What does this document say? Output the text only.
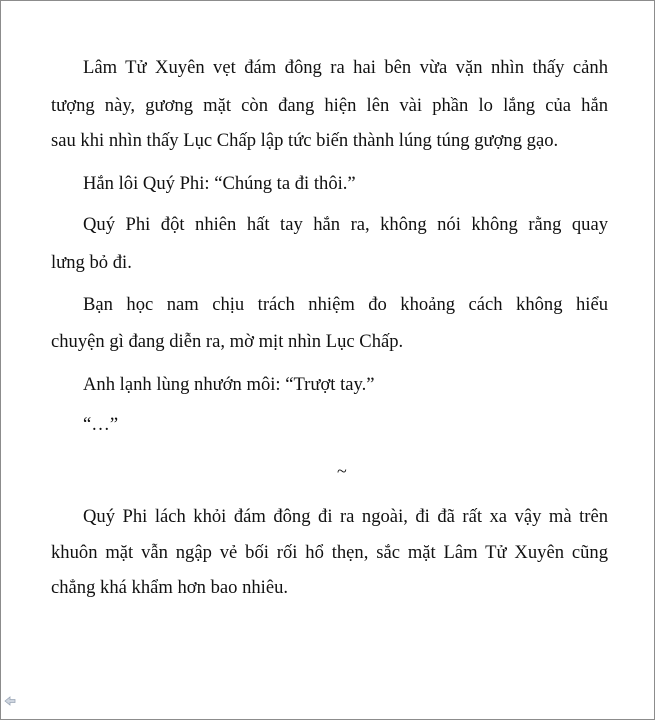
Lâm Tử Xuyên vẹt đám đông ra hai bên vừa vặn nhìn thấy cảnh
tượng này, gương mặt còn đang hiện lên vài phần lo lắng của hắn
sau khi nhìn thấy Lục Chấp lập tức biến thành lúng túng gượng gạo.
Hắn lôi Quý Phi: “Chúng ta đi thôi.”
Quý Phi đột nhiên hất tay hắn ra, không nói không rằng quay
lưng bỏ đi.
Bạn học nam chịu trách nhiệm đo khoảng cách không hiểu
chuyện gì đang diễn ra, mờ mịt nhìn Lục Chấp.
Anh lạnh lùng nhướn môi: “Trượt tay.”
“…”
~
Quý Phi lách khỏi đám đông đi ra ngoài, đi đã rất xa vậy mà trên
khuôn mặt vẫn ngập vẻ bối rối hổ thẹn, sắc mặt Lâm Tử Xuyên cũng
chẳng khá khẩm hơn bao nhiêu.
